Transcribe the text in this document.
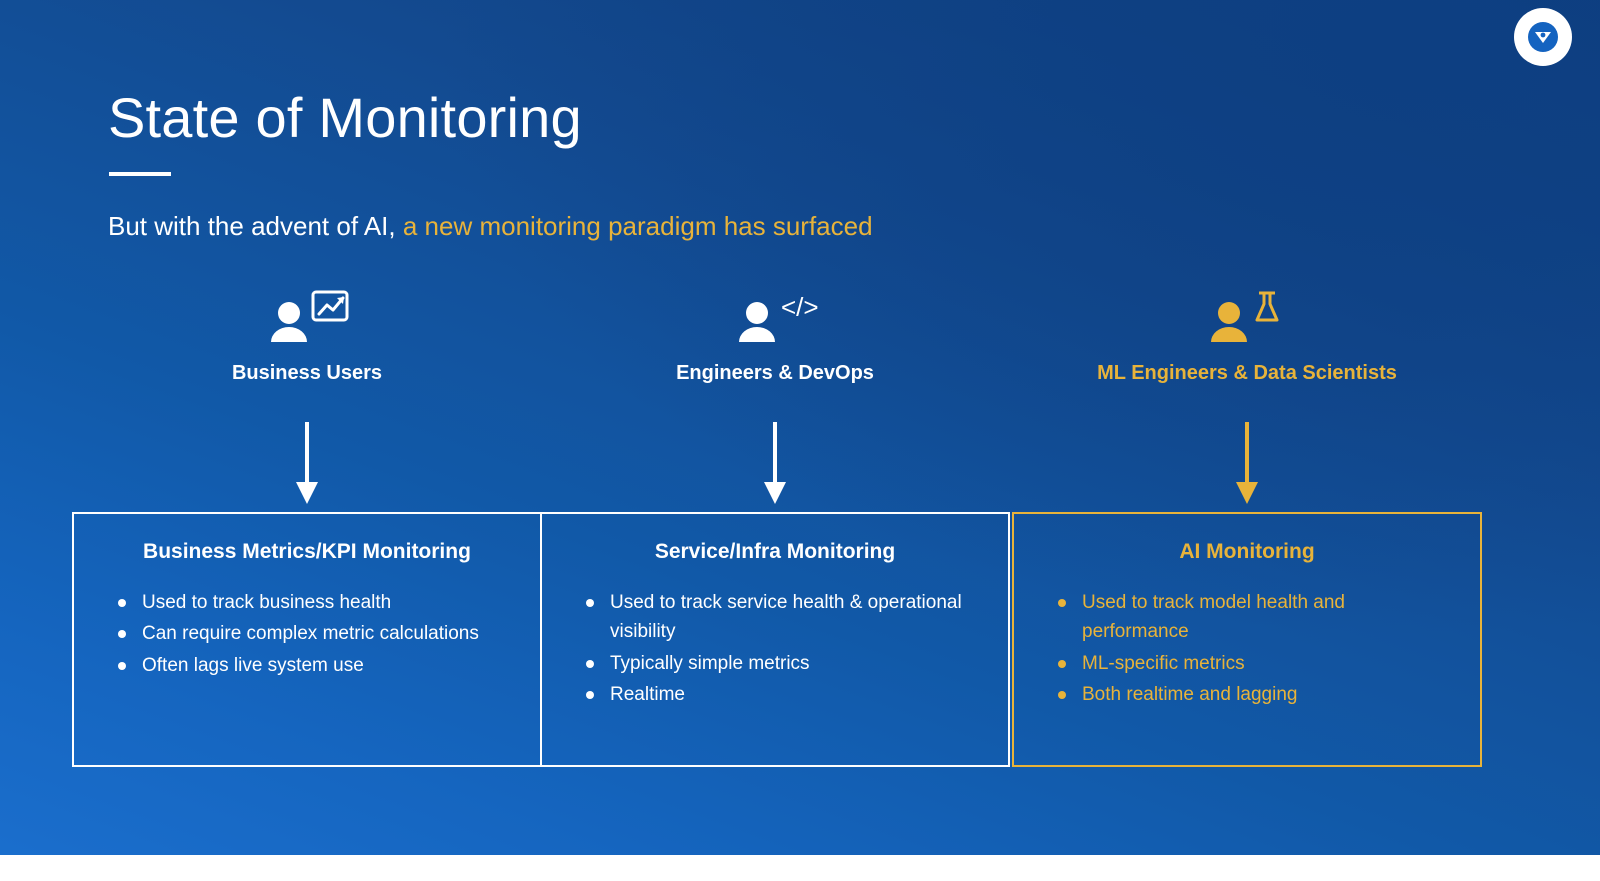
State of Monitoring
But with the advent of AI, a new monitoring paradigm has surfaced
Business Users
Business Metrics/KPI Monitoring
Used to track business health
Can require complex metric calculations
Often lags live system use
</>
Engineers & DevOps
Service/Infra Monitoring
Used to track service health & operational visibility
Typically simple metrics
Realtime
ML Engineers & Data Scientists
AI Monitoring
Used to track model health and performance
ML-specific metrics
Both realtime and lagging
